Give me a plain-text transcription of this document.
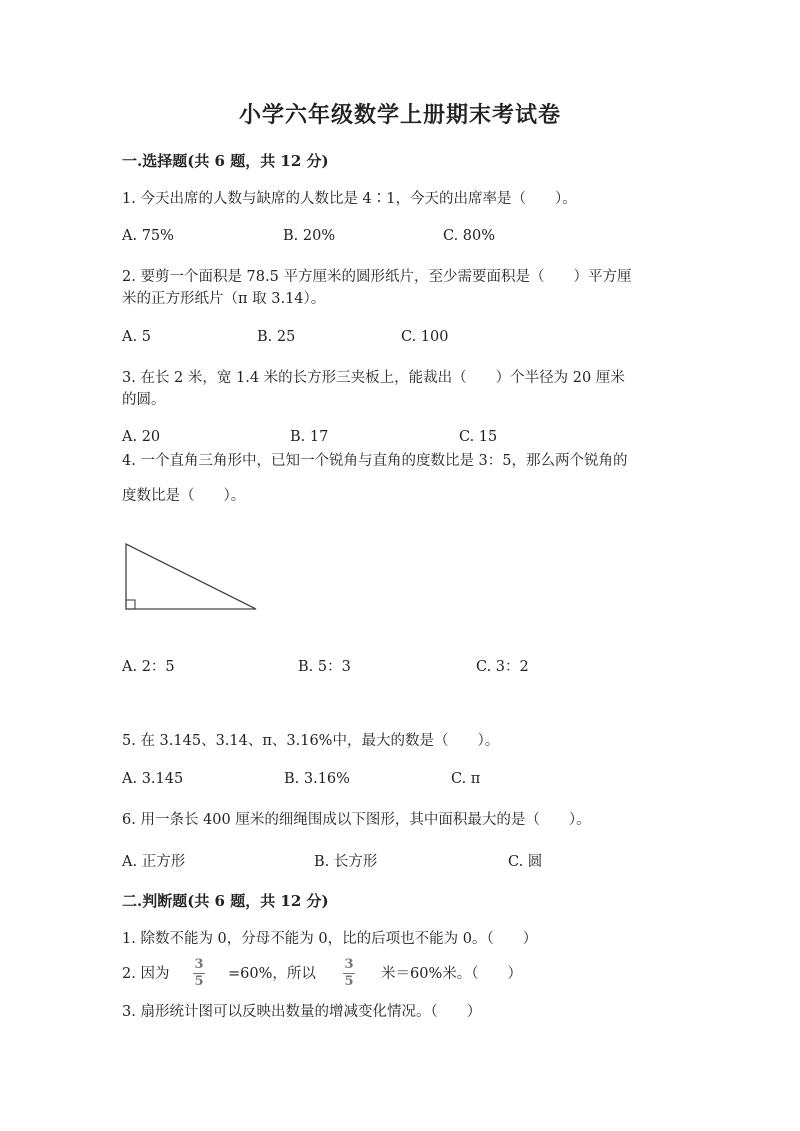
小学六年级数学上册期末考试卷
一.选择题(共 6 题，共 12 分)
1. 今天出席的人数与缺席的人数比是 4∶1，今天的出席率是（　　）。
A. 75%	B. 20%	C. 80%
2. 要剪一个面积是 78.5 平方厘米的圆形纸片，至少需要面积是（　　）平方厘
米的正方形纸片（π 取 3.14）。
A. 5	B. 25	C. 100
3. 在长 2 米，宽 1.4 米的长方形三夹板上，能裁出（　　）个半径为 20 厘米
的圆。
A. 20	B. 17	C. 15
4. 一个直角三角形中，已知一个锐角与直角的度数比是 3：5，那么两个锐角的
度数比是（　　）。
A. 2：5	B. 5：3	C. 3：2
5. 在 3.145、3.14、π、3.16%中，最大的数是（　　）。
A. 3.145	B. 3.16%	C. π
6. 用一条长 400 厘米的细绳围成以下图形，其中面积最大的是（　　）。
A. 正方形	B. 长方形	C. 圆
二.判断题(共 6 题，共 12 分)
1. 除数不能为 0，分母不能为 0，比的后项也不能为 0。（　　）
2. 因为
3
5 =60%，所以
3
5 米＝60%米。（　　）
3. 扇形统计图可以反映出数量的增减变化情况。（　　）
